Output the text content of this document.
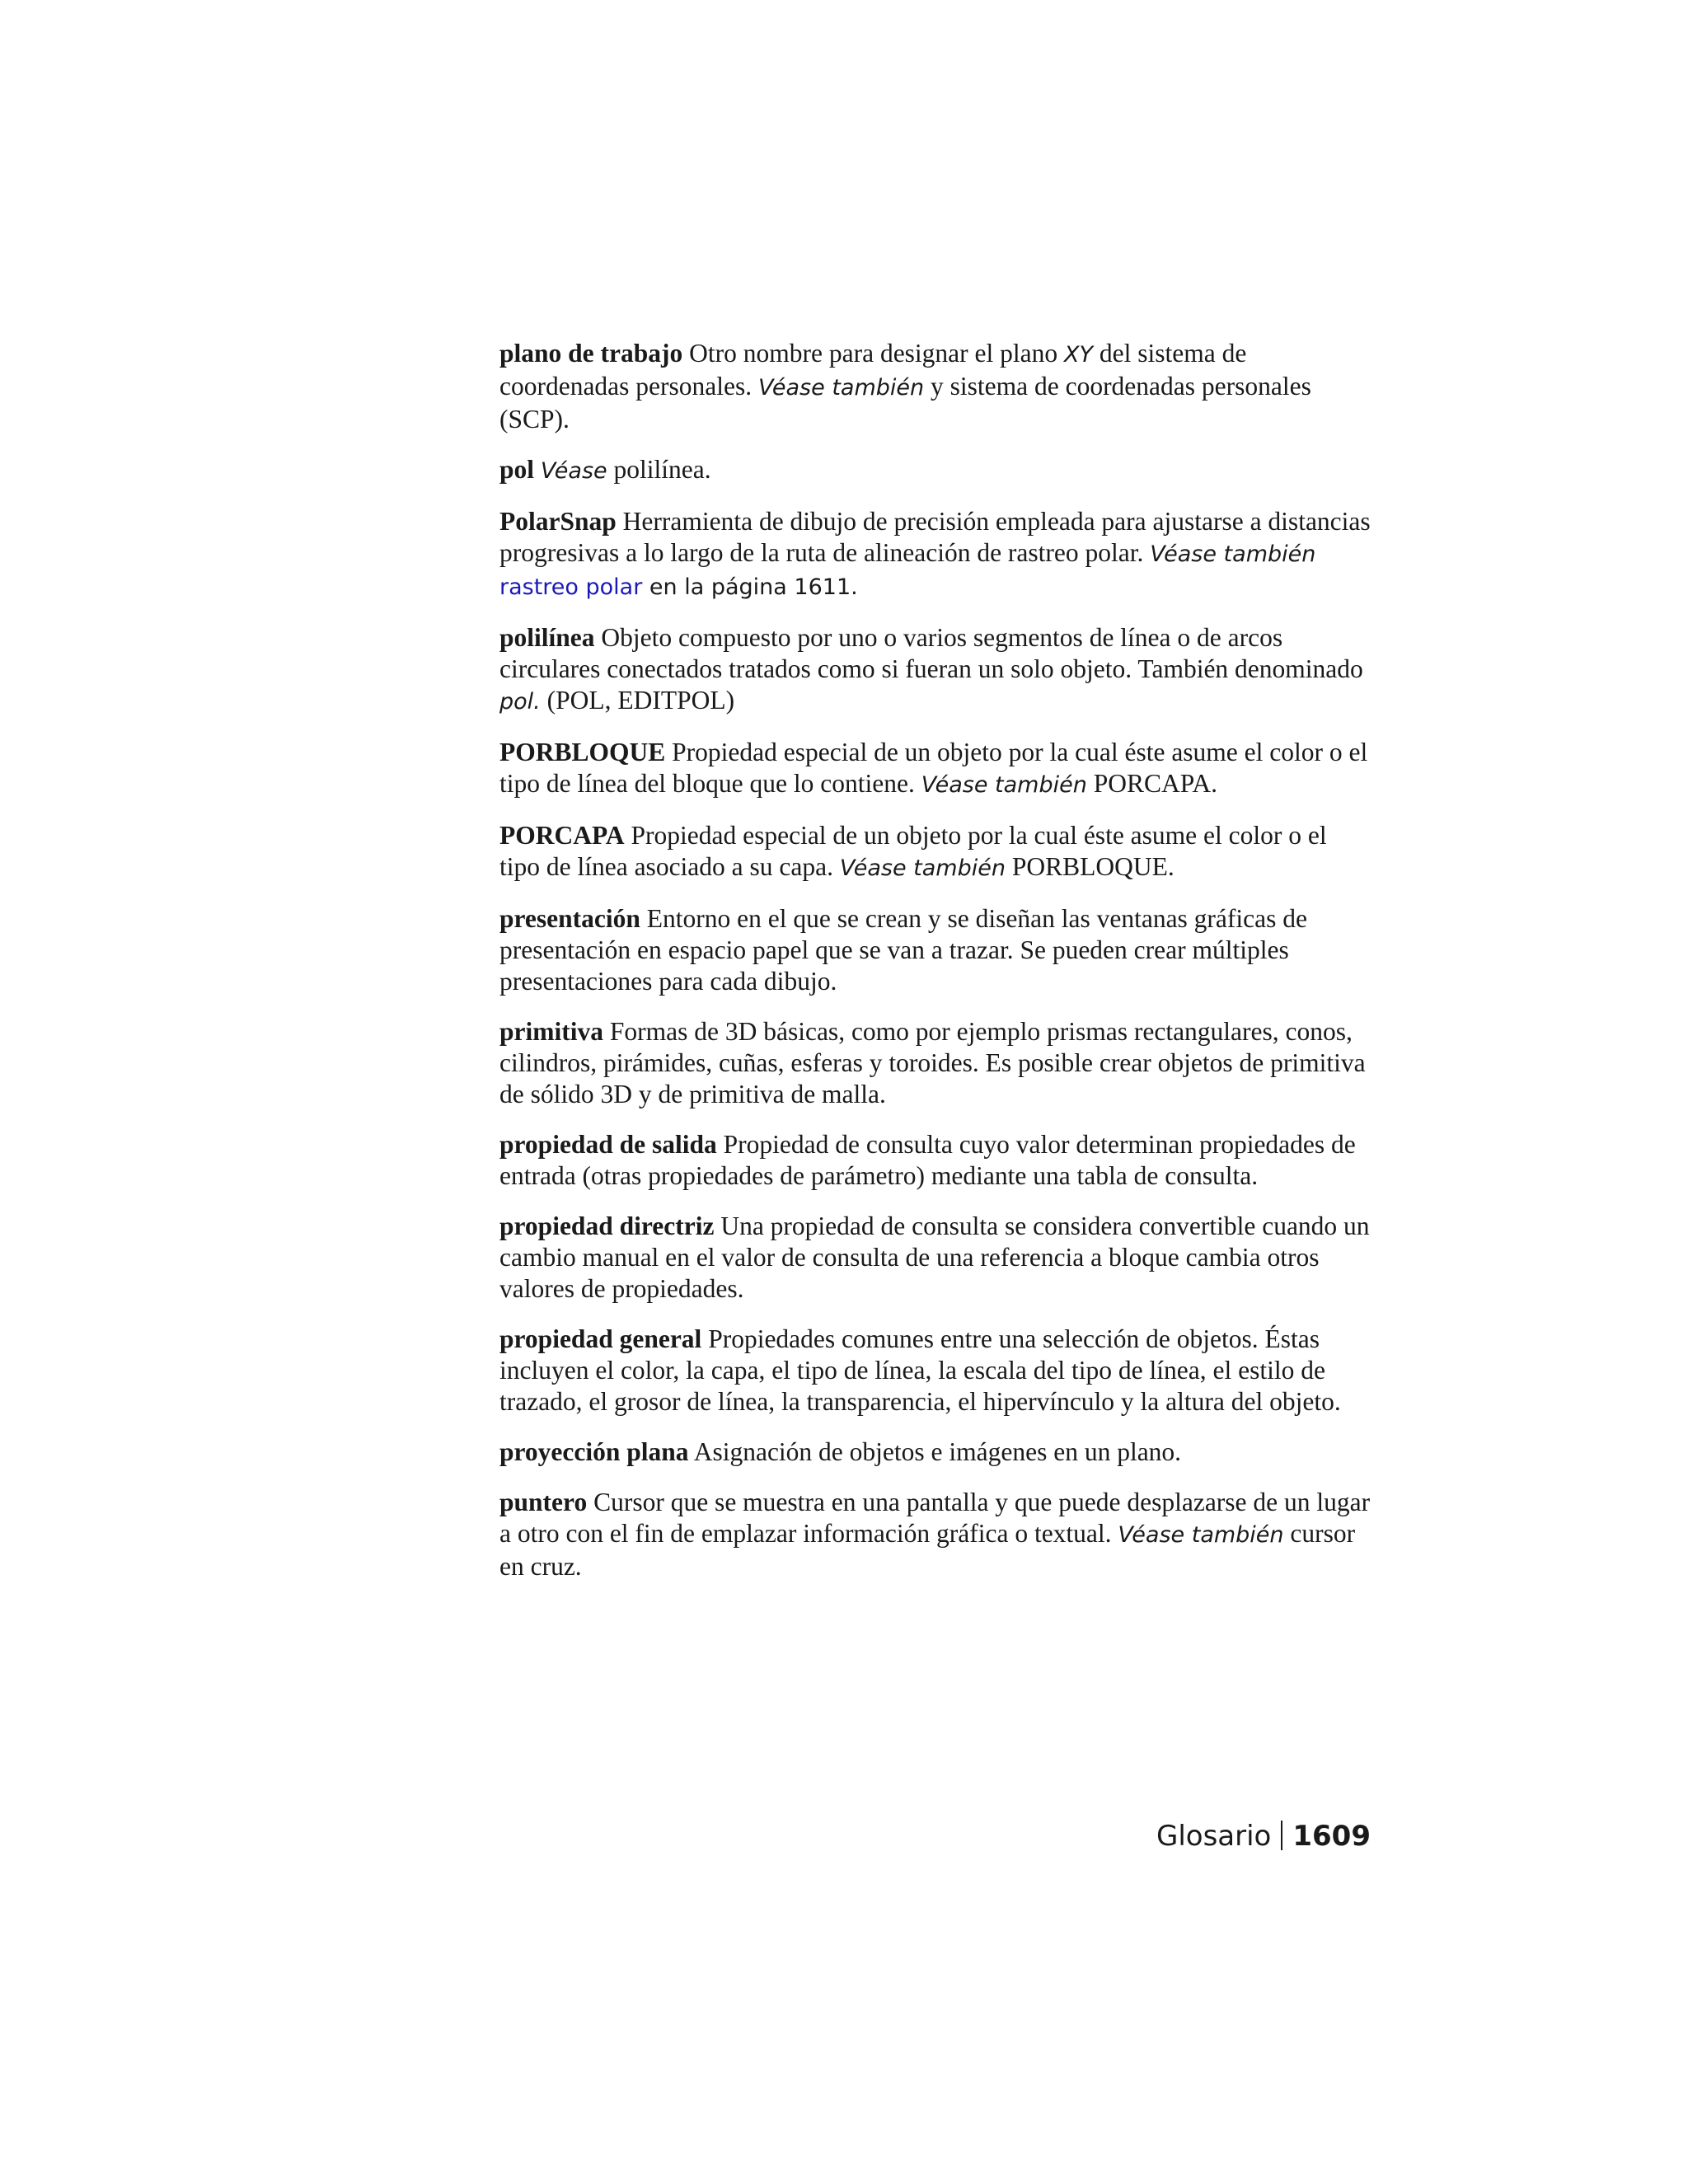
plano de trabajo Otro nombre para designar el plano XY del sistema de coordenadas personales. Véase también y sistema de coordenadas personales (SCP).

pol Véase polilínea.

PolarSnap Herramienta de dibujo de precisión empleada para ajustarse a distancias progresivas a lo largo de la ruta de alineación de rastreo polar. Véase también rastreo polar en la página 1611.

polilínea Objeto compuesto por uno o varios segmentos de línea o de arcos circulares conectados tratados como si fueran un solo objeto. También denominado pol. (POL, EDITPOL)

PORBLOQUE Propiedad especial de un objeto por la cual éste asume el color o el tipo de línea del bloque que lo contiene. Véase también PORCAPA.

PORCAPA Propiedad especial de un objeto por la cual éste asume el color o el tipo de línea asociado a su capa. Véase también PORBLOQUE.

presentación Entorno en el que se crean y se diseñan las ventanas gráficas de presentación en espacio papel que se van a trazar. Se pueden crear múltiples presentaciones para cada dibujo.

primitiva Formas de 3D básicas, como por ejemplo prismas rectangulares, conos, cilindros, pirámides, cuñas, esferas y toroides. Es posible crear objetos de primitiva de sólido 3D y de primitiva de malla.

propiedad de salida Propiedad de consulta cuyo valor determinan propiedades de entrada (otras propiedades de parámetro) mediante una tabla de consulta.

propiedad directriz Una propiedad de consulta se considera convertible cuando un cambio manual en el valor de consulta de una referencia a bloque cambia otros valores de propiedades.

propiedad general Propiedades comunes entre una selección de objetos. Éstas incluyen el color, la capa, el tipo de línea, la escala del tipo de línea, el estilo de trazado, el grosor de línea, la transparencia, el hipervínculo y la altura del objeto.

proyección plana Asignación de objetos e imágenes en un plano.

puntero Cursor que se muestra en una pantalla y que puede desplazarse de un lugar a otro con el fin de emplazar información gráfica o textual. Véase también cursor en cruz.

Glosario 1609
